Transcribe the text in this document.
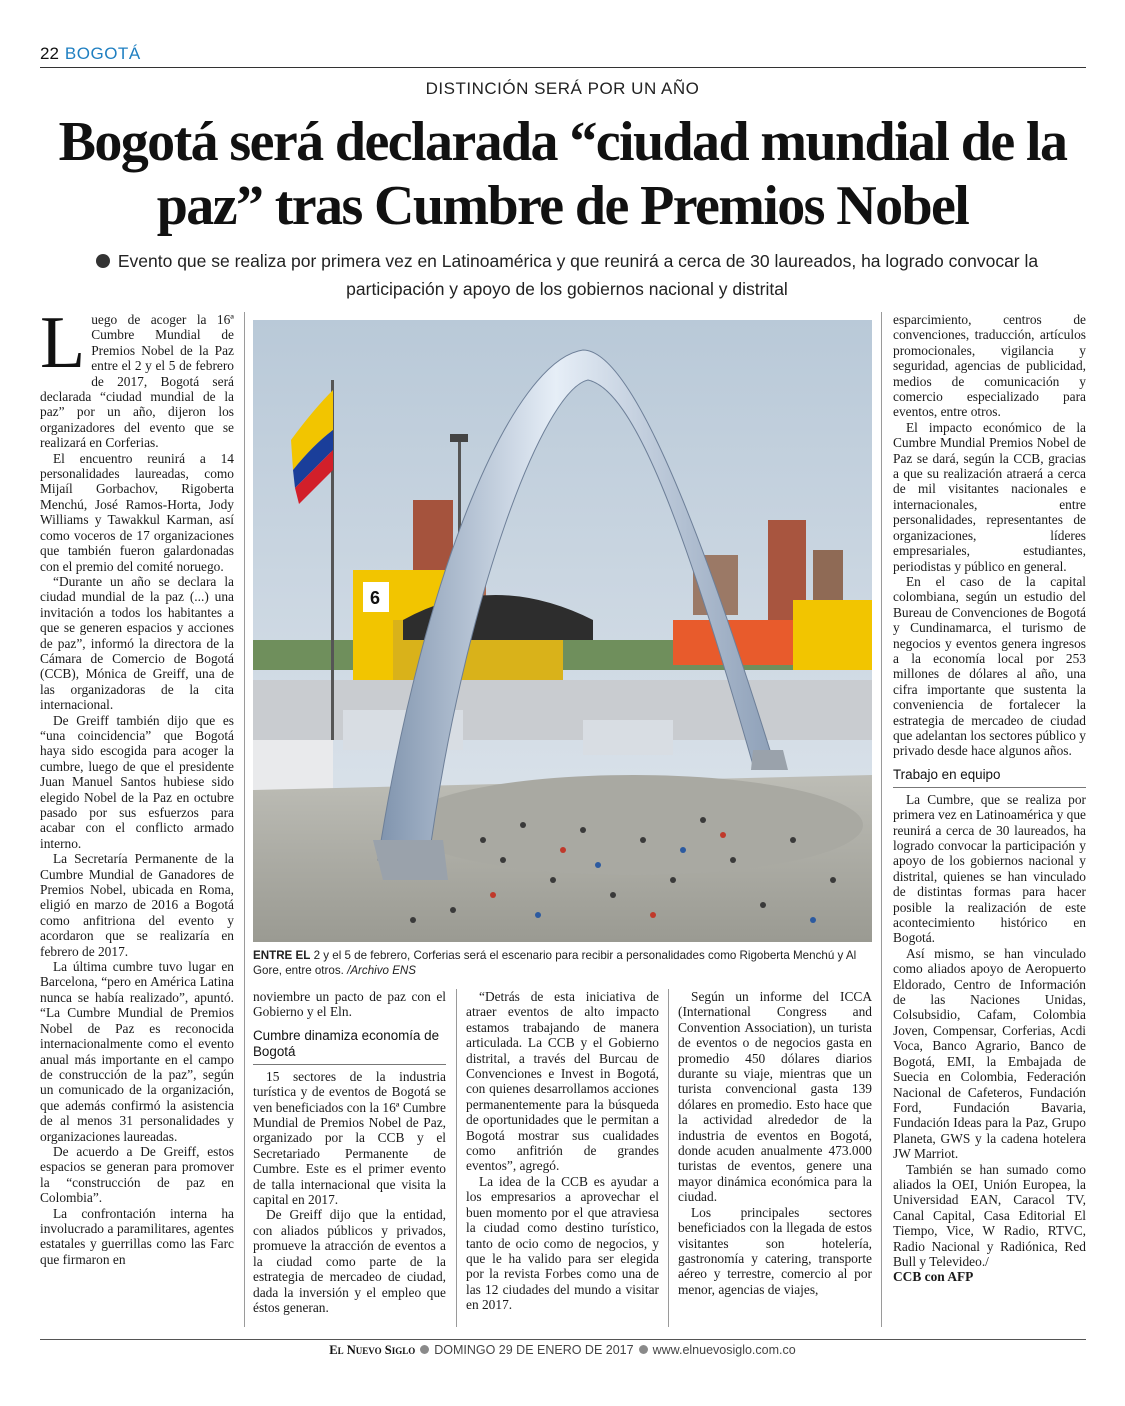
22 BOGOTÁ
DISTINCIÓN SERÁ POR UN AÑO
Bogotá será declarada “ciudad mundial de la paz” tras Cumbre de Premios Nobel
Evento que se realiza por primera vez en Latinoamérica y que reunirá a cerca de 30 laureados, ha logrado convocar la participación y apoyo de los gobiernos nacional y distrital

Luego de acoger la 16ª Cumbre Mundial de Premios Nobel de la Paz entre el 2 y el 5 de febrero de 2017, Bogotá será declarada “ciudad mundial de la paz” por un año, dijeron los organizadores del evento que se realizará en Corferias.

El encuentro reunirá a 14 personalidades laureadas, como Mijaíl Gorbachov, Rigoberta Menchú, José Ramos-Horta, Jody Williams y Tawakkul Karman, así como voceros de 17 organizaciones que también fueron galardonadas con el premio del comité noruego.

“Durante un año se declara la ciudad mundial de la paz (...) una invitación a todos los habitantes a que se generen espacios y acciones de paz”, informó la directora de la Cámara de Comercio de Bogotá (CCB), Mónica de Greiff, una de las organizadoras de la cita internacional.

De Greiff también dijo que es “una coincidencia” que Bogotá haya sido escogida para acoger la cumbre, luego de que el presidente Juan Manuel Santos hubiese sido elegido Nobel de la Paz en octubre pasado por sus esfuerzos para acabar con el conflicto armado interno.

La Secretaría Permanente de la Cumbre Mundial de Ganadores de Premios Nobel, ubicada en Roma, eligió en marzo de 2016 a Bogotá como anfitriona del evento y acordaron que se realizaría en febrero de 2017.

La última cumbre tuvo lugar en Barcelona, “pero en América Latina nunca se había realizado”, apuntó. “La Cumbre Mundial de Premios Nobel de Paz es reconocida internacionalmente como el evento anual más importante en el campo de construcción de la paz”, según un comunicado de la organización, que además confirmó la asistencia de al menos 31 personalidades y organizaciones laureadas.

De acuerdo a De Greiff, estos espacios se generan para promover la “construcción de paz en Colombia”.

La confrontación interna ha involucrado a paramilitares, agentes estatales y guerrillas como las Farc que firmaron en

6
ENTRE EL 2 y el 5 de febrero, Corferias será el escenario para recibir a personalidades como Rigoberta Menchú y Al Gore, entre otros. /Archivo ENS

noviembre un pacto de paz con el Gobierno y el Eln.

Cumbre dinamiza economía de Bogotá

15 sectores de la industria turística y de eventos de Bogotá se ven beneficiados con la 16ª Cumbre Mundial de Premios Nobel de Paz, organizado por la CCB y el Secretariado Permanente de Cumbre. Este es el primer evento de talla internacional que visita la capital en 2017.

De Greiff dijo que la entidad, con aliados públicos y privados, promueve la atracción de eventos a la ciudad como parte de la estrategia de mercadeo de ciudad, dada la inversión y el empleo que éstos generan.

“Detrás de esta iniciativa de atraer eventos de alto impacto estamos trabajando de manera articulada. La CCB y el Gobierno distrital, a través del Burcau de Convenciones e Invest in Bogotá, con quienes desarrollamos acciones permanentemente para la búsqueda de oportunidades que le permitan a Bogotá mostrar sus cualidades como anfitrión de grandes eventos”, agregó.

La idea de la CCB es ayudar a los empresarios a aprovechar el buen momento por el que atraviesa la ciudad como destino turístico, tanto de ocio como de negocios, y que le ha valido para ser elegida por la revista Forbes como una de las 12 ciudades del mundo a visitar en 2017.

Según un informe del ICCA (International Congress and Convention Association), un turista de eventos o de negocios gasta en promedio 450 dólares diarios durante su viaje, mientras que un turista convencional gasta 139 dólares en promedio. Esto hace que la actividad alrededor de la industria de eventos en Bogotá, donde acuden anualmente 473.000 turistas de eventos, genere una mayor dinámica económica para la ciudad.

Los principales sectores beneficiados con la llegada de estos visitantes son hotelería, gastronomía y catering, transporte aéreo y terrestre, comercio al por menor, agencias de viajes,

esparcimiento, centros de convenciones, traducción, artículos promocionales, vigilancia y seguridad, agencias de publicidad, medios de comunicación y comercio especializado para eventos, entre otros.

El impacto económico de la Cumbre Mundial Premios Nobel de Paz se dará, según la CCB, gracias a que su realización atraerá a cerca de mil visitantes nacionales e internacionales, entre personalidades, representantes de organizaciones, líderes empresariales, estudiantes, periodistas y público en general.

En el caso de la capital colombiana, según un estudio del Bureau de Convenciones de Bogotá y Cundinamarca, el turismo de negocios y eventos genera ingresos a la economía local por 253 millones de dólares al año, una cifra importante que sustenta la conveniencia de fortalecer la estrategia de mercadeo de ciudad que adelantan los sectores público y privado desde hace algunos años.

Trabajo en equipo

La Cumbre, que se realiza por primera vez en Latinoamérica y que reunirá a cerca de 30 laureados, ha logrado convocar la participación y apoyo de los gobiernos nacional y distrital, quienes se han vinculado de distintas formas para hacer posible la realización de este acontecimiento histórico en Bogotá.

Así mismo, se han vinculado como aliados apoyo de Aeropuerto Eldorado, Centro de Información de las Naciones Unidas, Colsubsidio, Cafam, Colombia Joven, Compensar, Corferias, Acdi Voca, Banco Agrario, Banco de Bogotá, EMI, la Embajada de Suecia en Colombia, Federación Nacional de Cafeteros, Fundación Ford, Fundación Bavaria, Fundación Ideas para la Paz, Grupo Planeta, GWS y la cadena hotelera JW Marriot.

También se han sumado como aliados la OEI, Unión Europea, la Universidad EAN, Caracol TV, Canal Capital, Casa Editorial El Tiempo, Vice, W Radio, RTVC, Radio Nacional y Radiónica, Red Bull y Televideo./

CCB con AFP

El Nuevo Siglo DOMINGO 29 DE ENERO DE 2017 www.elnuevosiglo.com.co
